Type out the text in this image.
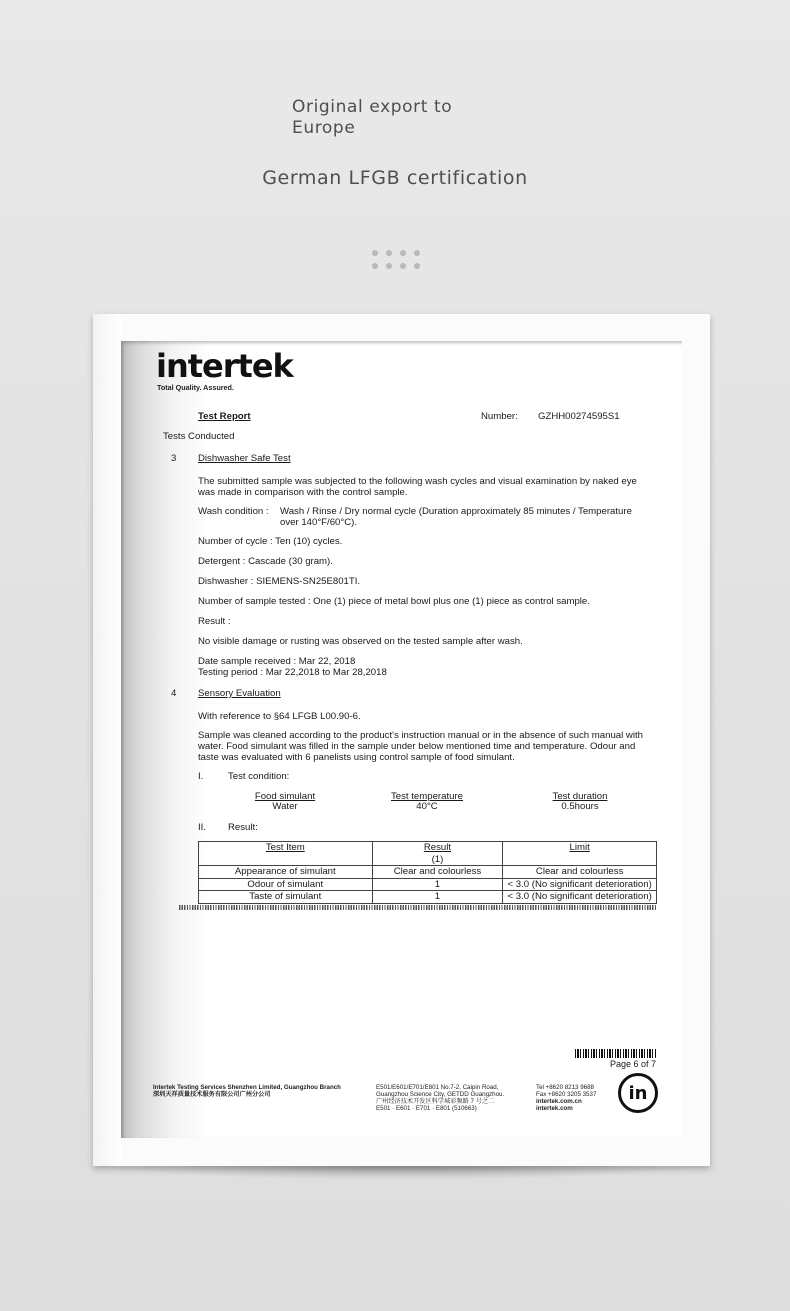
Original export to
Europe
German LFGB certification
intertek
Total Quality. Assured.
Test Report	Number: GZHH00274595S1
Tests Conducted
3 Dishwasher Safe Test
The submitted sample was subjected to the following wash cycles and visual examination by naked eye
was made in comparison with the control sample.
Wash condition : Wash / Rinse / Dry normal cycle (Duration approximately 85 minutes / Temperature
over 140°F/60°C).
Number of cycle : Ten (10) cycles.
Detergent : Cascade (30 gram).
Dishwasher : SIEMENS-SN25E801TI.
Number of sample tested : One (1) piece of metal bowl plus one (1) piece as control sample.
Result :
No visible damage or rusting was observed on the tested sample after wash.
Date sample received : Mar 22, 2018
Testing period : Mar 22,2018 to Mar 28,2018
4 Sensory Evaluation
With reference to §64 LFGB L00.90-6.
Sample was cleaned according to the product's instruction manual or in the absence of such manual with
water. Food simulant was filled in the sample under below mentioned time and temperature. Odour and
taste was evaluated with 6 panelists using control sample of food simulant.
I.	Test condition:
Food simulant	Test temperature	Test duration
Water	40°C	0.5hours
II. Result:
Test Item	Result	Limit
	(1)	
Appearance of simulant	Clear and colourless	Clear and colourless
Odour of simulant	1	< 3.0 (No significant deterioration)
Taste of simulant	1	< 3.0 (No significant deterioration)
Page 6 of 7
Intertek Testing Services Shenzhen Limited, Guangzhou Branch
深圳天祥质量技术服务有限公司广州分公司
E501/E601/E701/E801 No.7-2, Caipin Road,
Guangzhou Science City, GETDD Guangzhou.
广州经济技术开发区科学城彩频路 7 号之二
E501 · E601 · E701 · E801 (510663)
Tel +8620 8213 9688
Fax +8620 3205 3537
intertek.com.cn
intertek.com
in
